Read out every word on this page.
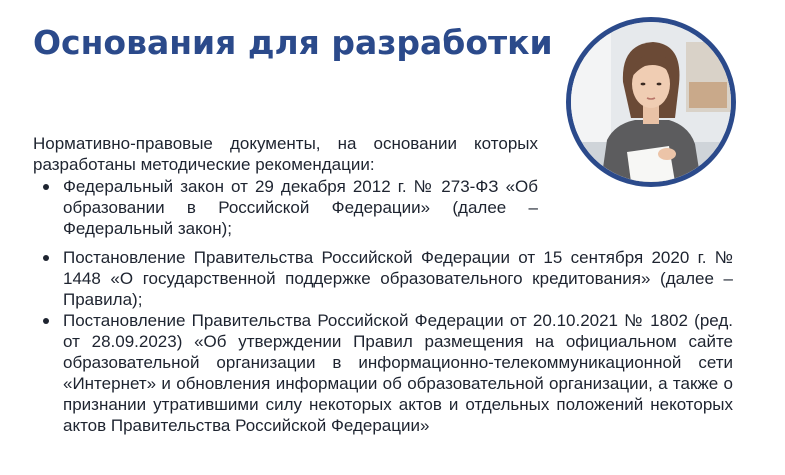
Основания для разработки

Нормативно-правовые документы, на основании которых разработаны методические рекомендации:

Федеральный закон от 29 декабря 2012 г. № 273-ФЗ «Об образовании в Российской Федерации» (далее – Федеральный закон);
Постановление Правительства Российской Федерации от 15 сентября 2020 г. № 1448 «О государственной поддержке образовательного кредитования» (далее – Правила);
Постановление Правительства Российской Федерации от 20.10.2021 № 1802 (ред. от 28.09.2023) «Об утверждении Правил размещения на официальном сайте образовательной организации в информационно-телекоммуникационной сети «Интернет» и обновления информации об образовательной организации, а также о признании утратившими силу некоторых актов и отдельных положений некоторых актов Правительства Российской Федерации»
